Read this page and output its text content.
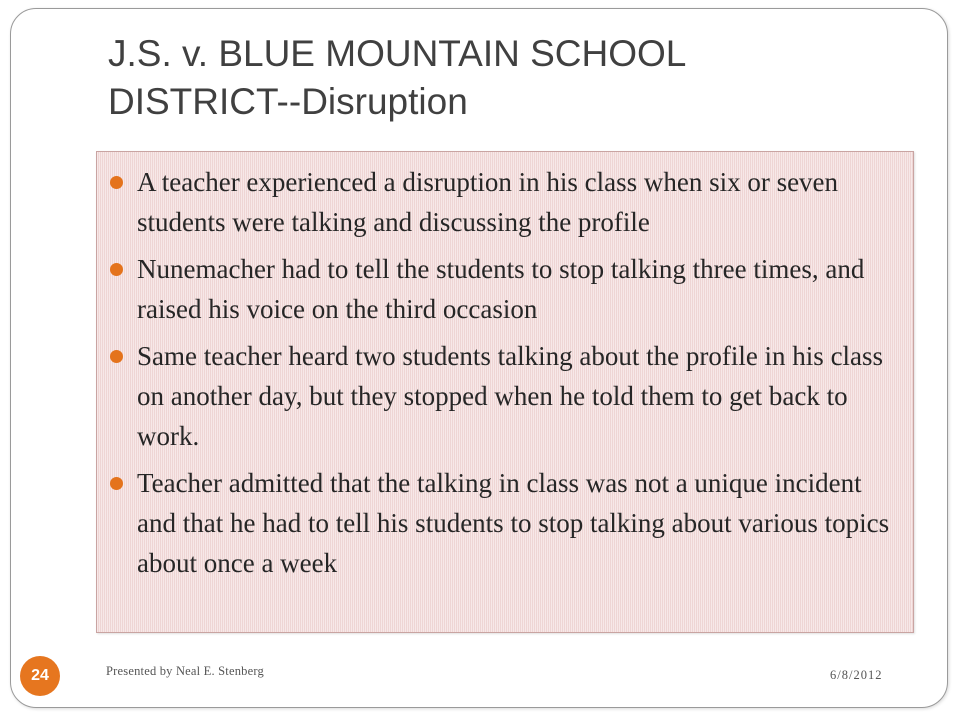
J.S. v. BLUE MOUNTAIN SCHOOL
DISTRICT--Disruption
A teacher experienced a disruption in his class when six or seven students were talking and discussing the profile
Nunemacher had to tell the students to stop talking three times, and raised his voice on the third occasion
Same teacher heard two students talking about the profile in his class on another day, but they stopped when he told them to get back to work.
Teacher admitted that the talking in class was not a unique incident and that he had to tell his students to stop talking about various topics about once a week
24	Presented by Neal E. Stenberg	6/8/2012
